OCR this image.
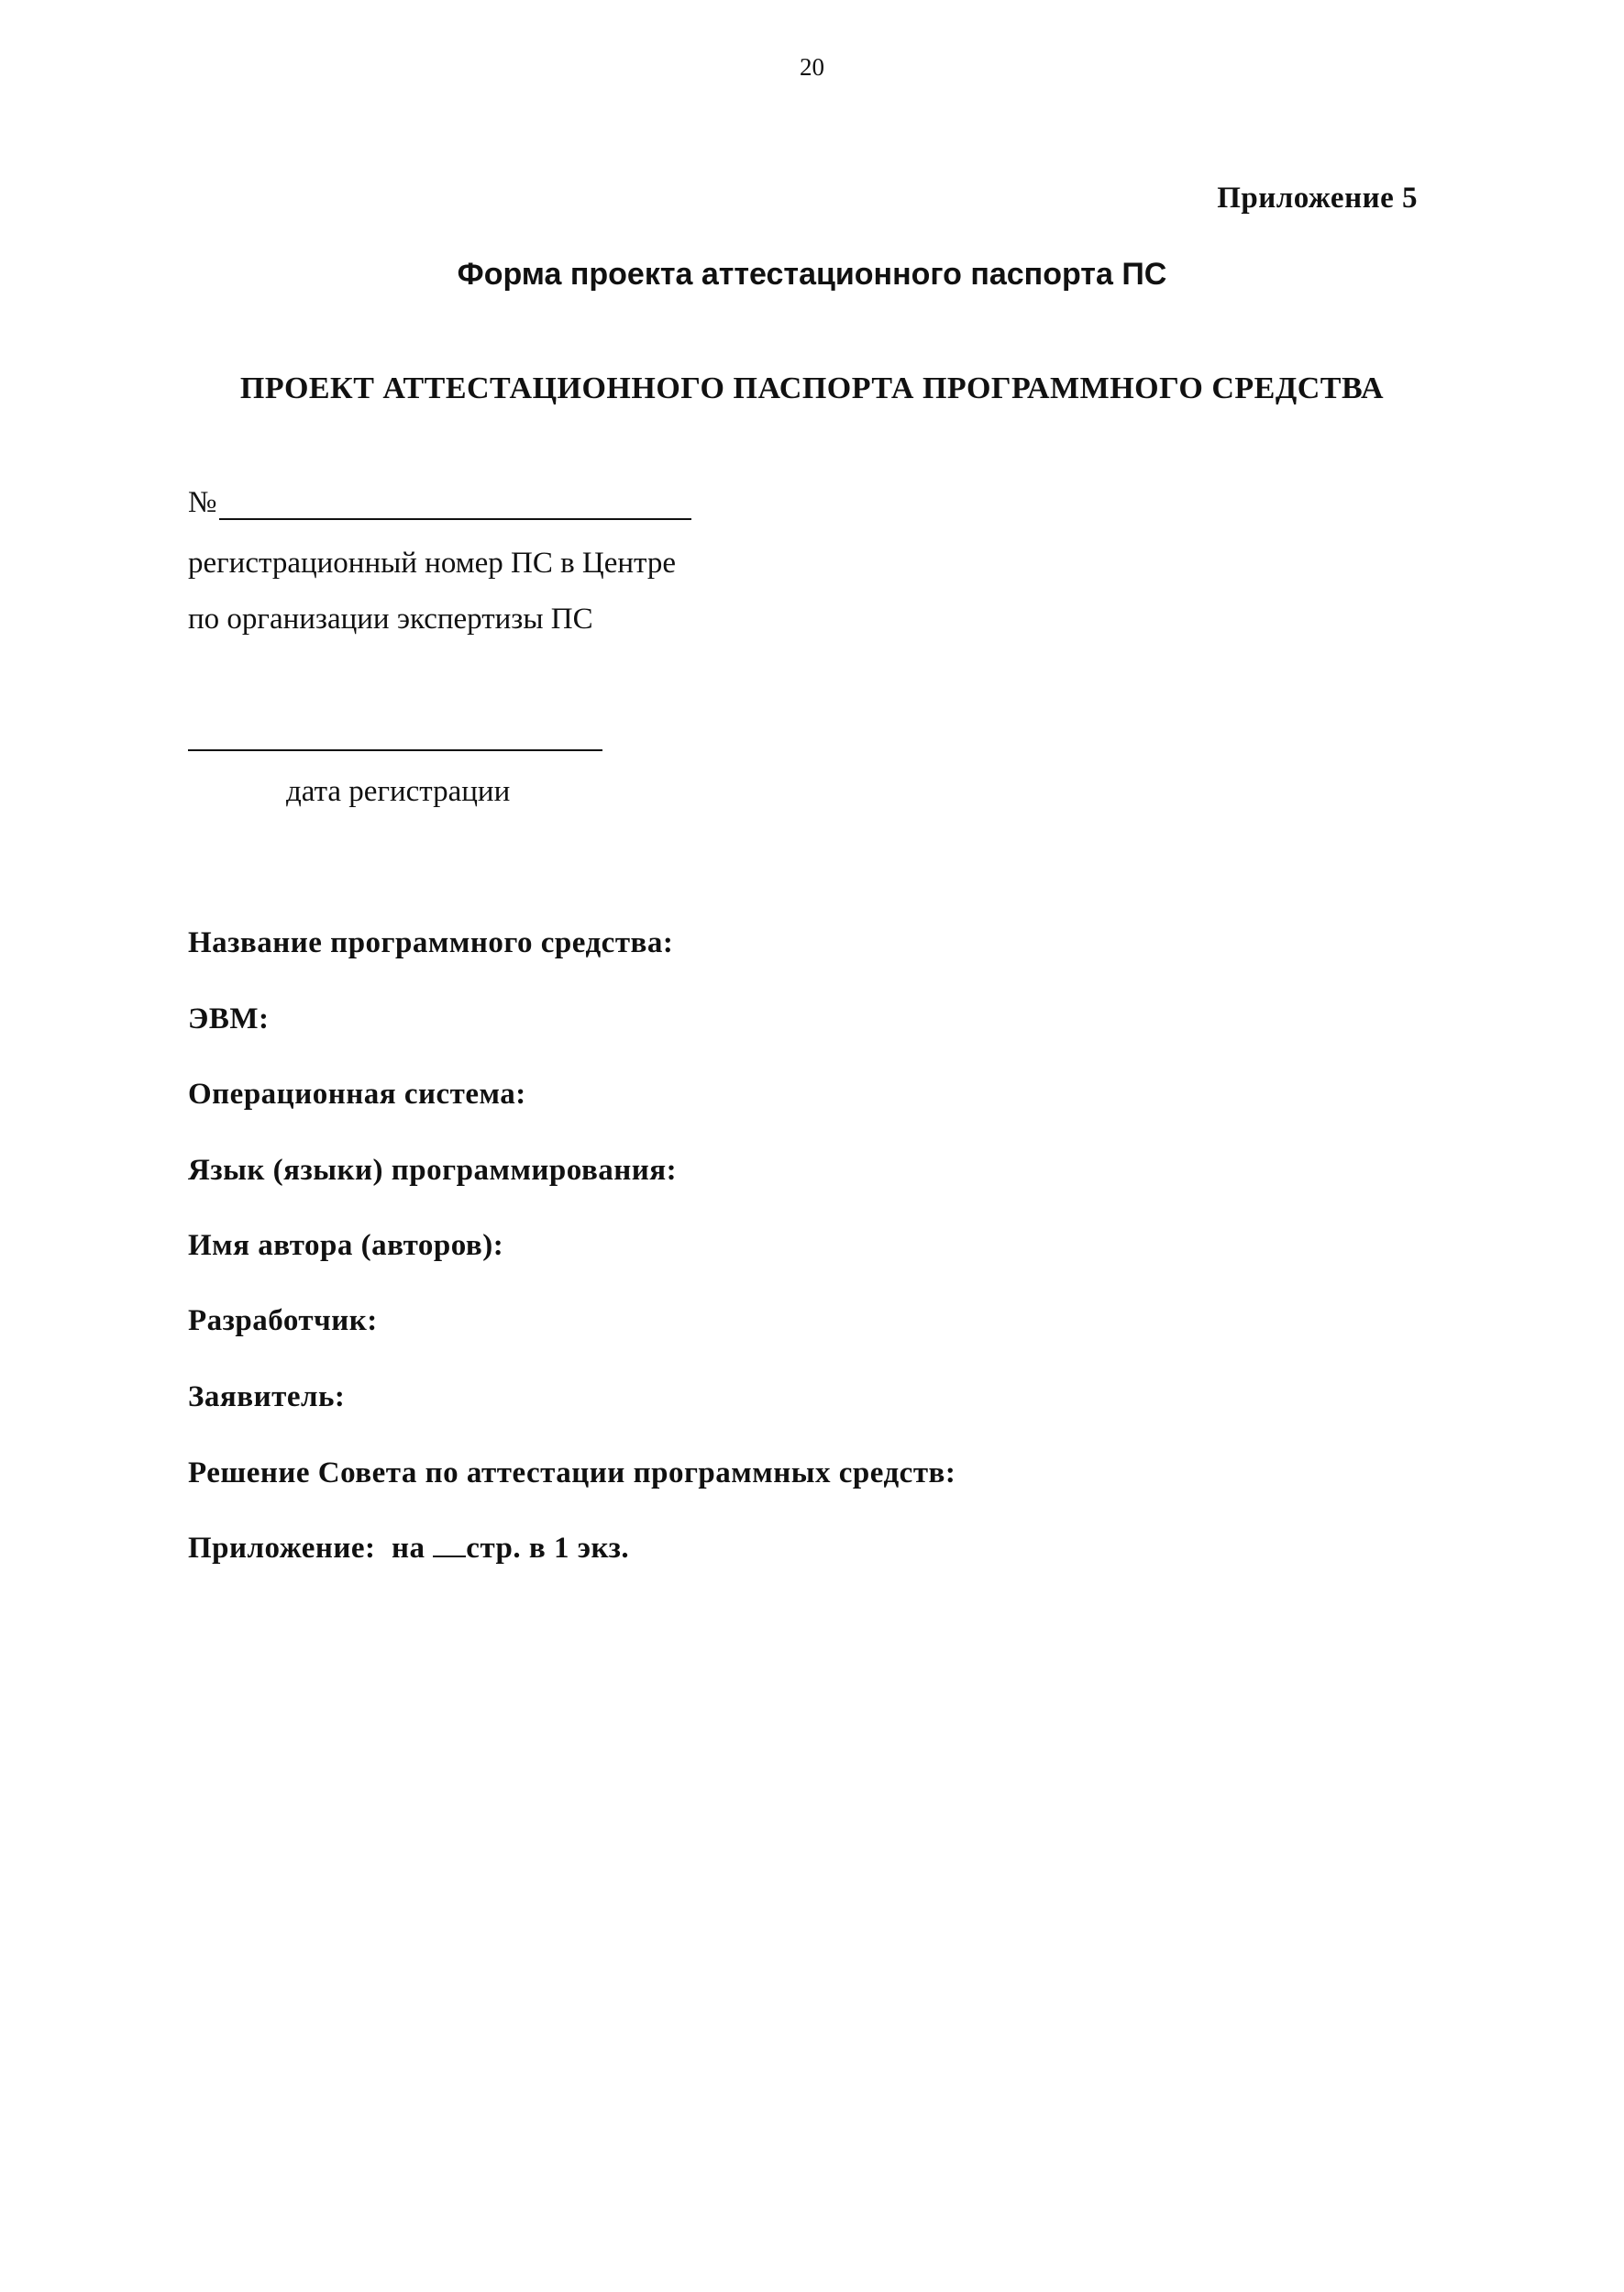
20
Приложение 5
Форма проекта аттестационного паспорта ПС
ПРОЕКТ АТТЕСТАЦИОННОГО ПАСПОРТА ПРОГРАММНОГО СРЕДСТВА
№
регистрационный номер ПС в Центре
по организации экспертизы ПС
дата регистрации
Название программного средства:
ЭВМ:
Операционная система:
Язык (языки) программирования:
Имя автора (авторов):
Разработчик:
Заявитель:
Решение Совета по аттестации программных средств:
Приложение:  на стр. в 1 экз.
